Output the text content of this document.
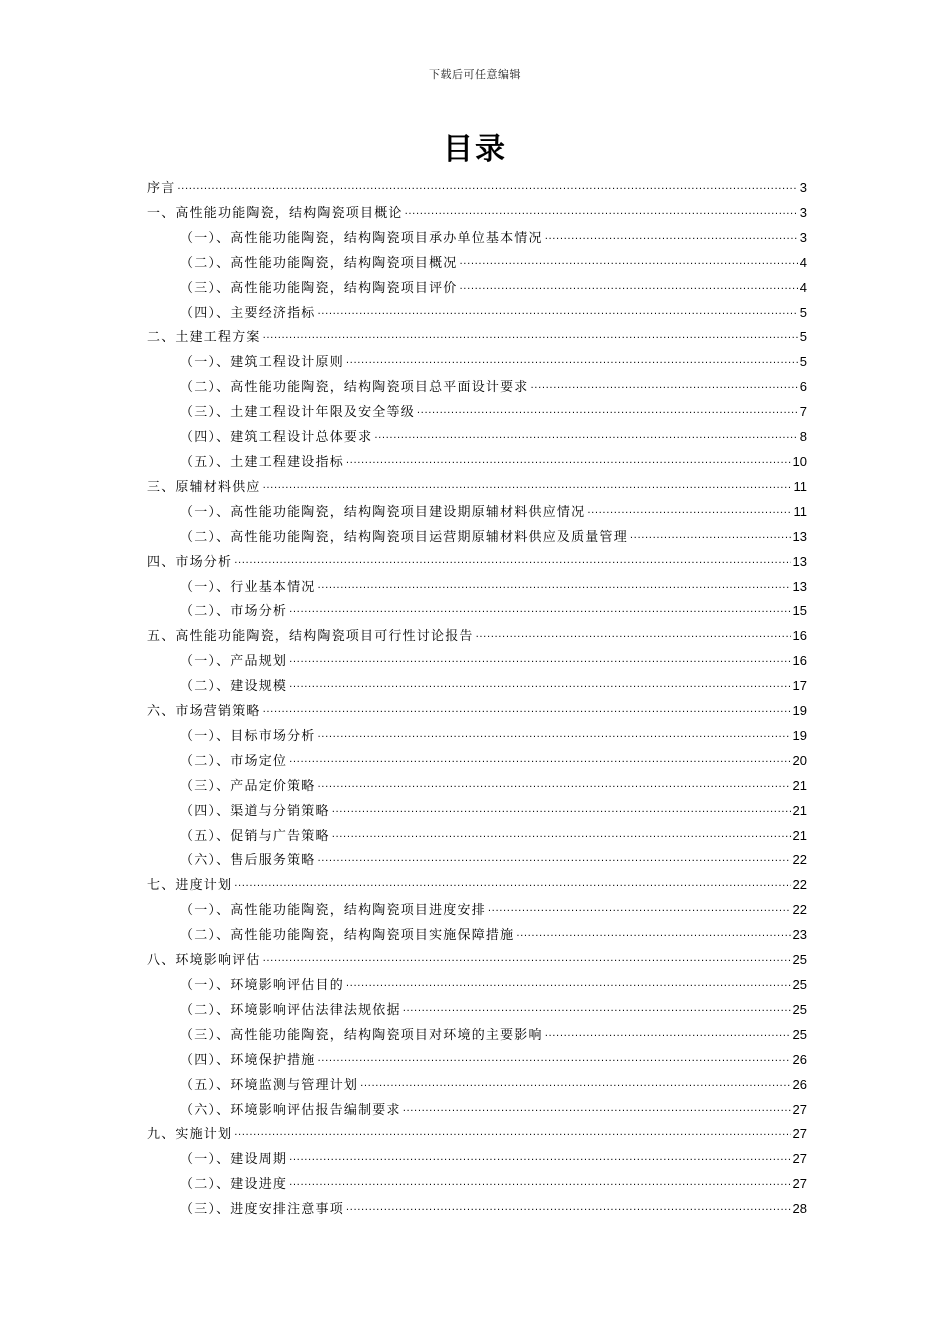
下载后可任意编辑
目录
序言 .....	3
一、高性能功能陶瓷，结构陶瓷项目概论 .....	3
（一）、高性能功能陶瓷，结构陶瓷项目承办单位基本情况 .....	3
（二）、高性能功能陶瓷，结构陶瓷项目概况 .....	4
（三）、高性能功能陶瓷，结构陶瓷项目评价 .....	4
（四）、主要经济指标 .....	5
二、土建工程方案 .....	5
（一）、建筑工程设计原则 .....	5
（二）、高性能功能陶瓷，结构陶瓷项目总平面设计要求 .....	6
（三）、土建工程设计年限及安全等级 .....	7
（四）、建筑工程设计总体要求 .....	8
（五）、土建工程建设指标 .....	10
三、原辅材料供应 .....	11
（一）、高性能功能陶瓷，结构陶瓷项目建设期原辅材料供应情况 .....	11
（二）、高性能功能陶瓷，结构陶瓷项目运营期原辅材料供应及质量管理 .....	13
四、市场分析 .....	13
（一）、行业基本情况 .....	13
（二）、市场分析 .....	15
五、高性能功能陶瓷，结构陶瓷项目可行性讨论报告 .....	16
（一）、产品规划 .....	16
（二）、建设规模 .....	17
六、市场营销策略 .....	19
（一）、目标市场分析 .....	19
（二）、市场定位 .....	20
（三）、产品定价策略 .....	21
（四）、渠道与分销策略 .....	21
（五）、促销与广告策略 .....	21
（六）、售后服务策略 .....	22
七、进度计划 .....	22
（一）、高性能功能陶瓷，结构陶瓷项目进度安排 .....	22
（二）、高性能功能陶瓷，结构陶瓷项目实施保障措施 .....	23
八、环境影响评估 .....	25
（一）、环境影响评估目的 .....	25
（二）、环境影响评估法律法规依据 .....	25
（三）、高性能功能陶瓷，结构陶瓷项目对环境的主要影响 .....	25
（四）、环境保护措施 .....	26
（五）、环境监测与管理计划 .....	26
（六）、环境影响评估报告编制要求 .....	27
九、实施计划 .....	27
（一）、建设周期 .....	27
（二）、建设进度 .....	27
（三）、进度安排注意事项 .....	28
